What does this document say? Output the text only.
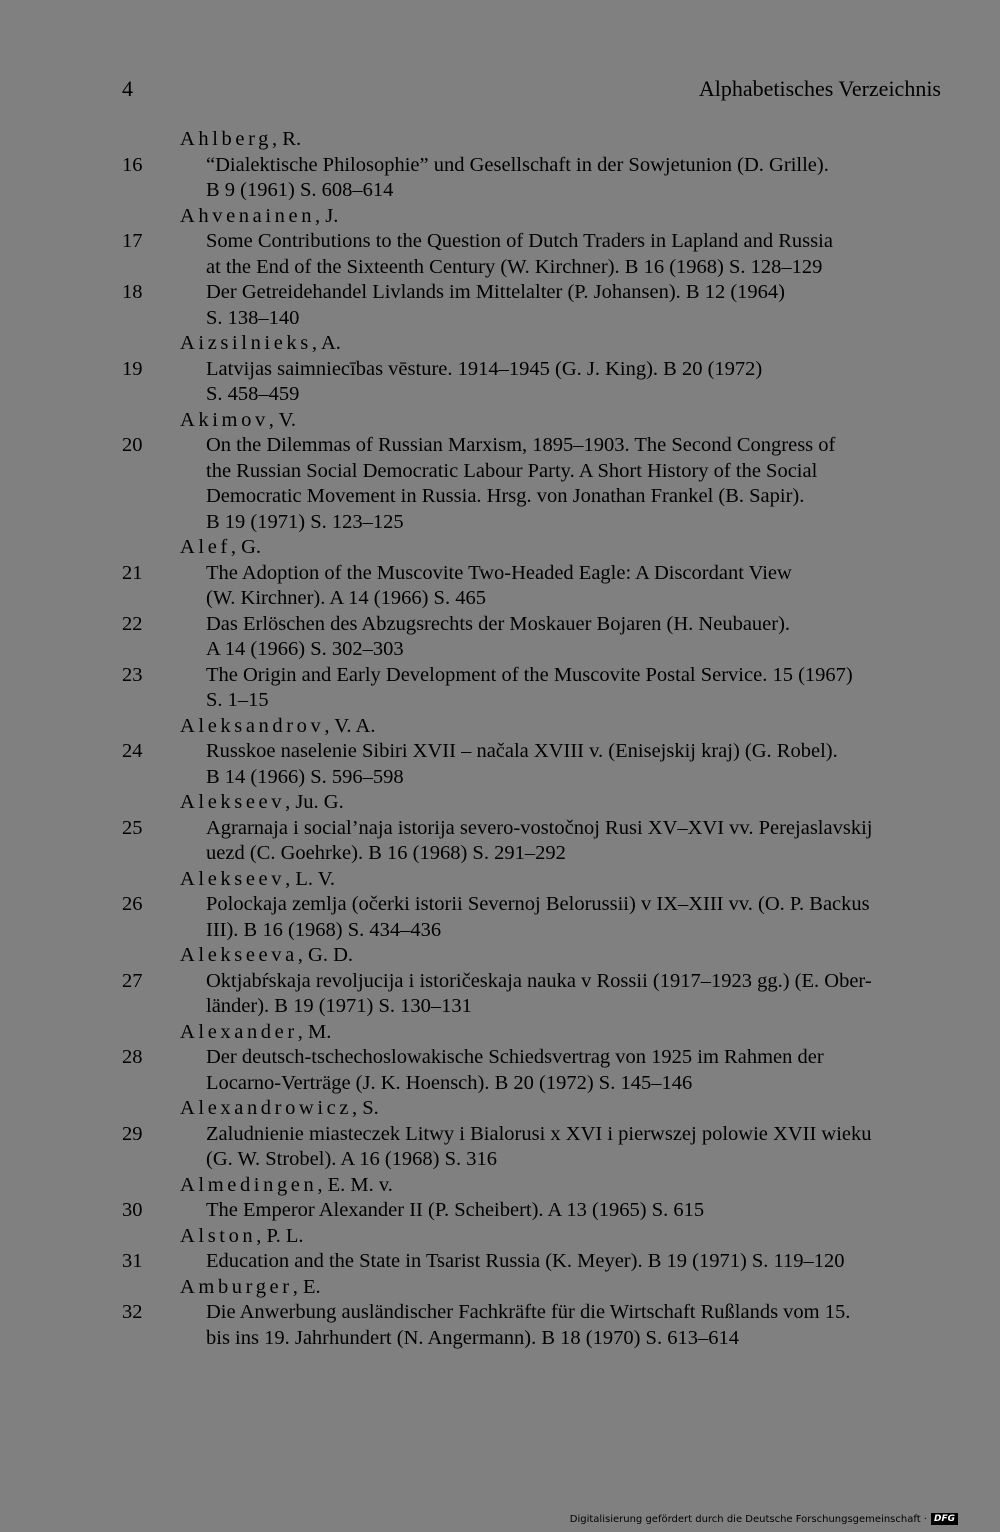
4	Alphabetisches Verzeichnis
Ahlberg, R.
16	“Dialektische Philosophie” und Gesellschaft in der Sowjetunion (D. Grille).
B 9 (1961) S. 608–614
Ahvenainen, J.
17	Some Contributions to the Question of Dutch Traders in Lapland and Russia
at the End of the Sixteenth Century (W. Kirchner). B 16 (1968) S. 128–129
18	Der Getreidehandel Livlands im Mittelalter (P. Johansen). B 12 (1964)
S. 138–140
Aizsilnieks, A.
19	Latvijas saimniecības vēsture. 1914–1945 (G. J. King). B 20 (1972)
S. 458–459
Akimov, V.
20	On the Dilemmas of Russian Marxism, 1895–1903. The Second Congress of
the Russian Social Democratic Labour Party. A Short History of the Social
Democratic Movement in Russia. Hrsg. von Jonathan Frankel (B. Sapir).
B 19 (1971) S. 123–125
Alef, G.
21	The Adoption of the Muscovite Two-Headed Eagle: A Discordant View
(W. Kirchner). A 14 (1966) S. 465
22	Das Erlöschen des Abzugsrechts der Moskauer Bojaren (H. Neubauer).
A 14 (1966) S. 302–303
23	The Origin and Early Development of the Muscovite Postal Service. 15 (1967)
S. 1–15
Aleksandrov, V. A.
24	Russkoe naselenie Sibiri XVII – načala XVIII v. (Enisejskij kraj) (G. Robel).
B 14 (1966) S. 596–598
Alekseev, Ju. G.
25	Agrarnaja i social’naja istorija severo-vostočnoj Rusi XV–XVI vv. Perejaslavskij
uezd (C. Goehrke). B 16 (1968) S. 291–292
Alekseev, L. V.
26	Polockaja zemlja (očerki istorii Severnoj Belorussii) v IX–XIII vv. (O. P. Backus
III). B 16 (1968) S. 434–436
Alekseeva, G. D.
27	Oktjabŕskaja revoljucija i istoričeskaja nauka v Rossii (1917–1923 gg.) (E. Ober-
länder). B 19 (1971) S. 130–131
Alexander, M.
28	Der deutsch-tschechoslowakische Schiedsvertrag von 1925 im Rahmen der
Locarno-Verträge (J. K. Hoensch). B 20 (1972) S. 145–146
Alexandrowicz, S.
29	Zaludnienie miasteczek Litwy i Bialorusi x XVI i pierwszej polowie XVII wieku
(G. W. Strobel). A 16 (1968) S. 316
Almedingen, E. M. v.
30	The Emperor Alexander II (P. Scheibert). A 13 (1965) S. 615
Alston, P. L.
31	Education and the State in Tsarist Russia (K. Meyer). B 19 (1971) S. 119–120
Amburger, E.
32	Die Anwerbung ausländischer Fachkräfte für die Wirtschaft Rußlands vom 15.
bis ins 19. Jahrhundert (N. Angermann). B 18 (1970) S. 613–614
Digitalisierung gefördert durch die Deutsche Forschungsgemeinschaft · DFG
